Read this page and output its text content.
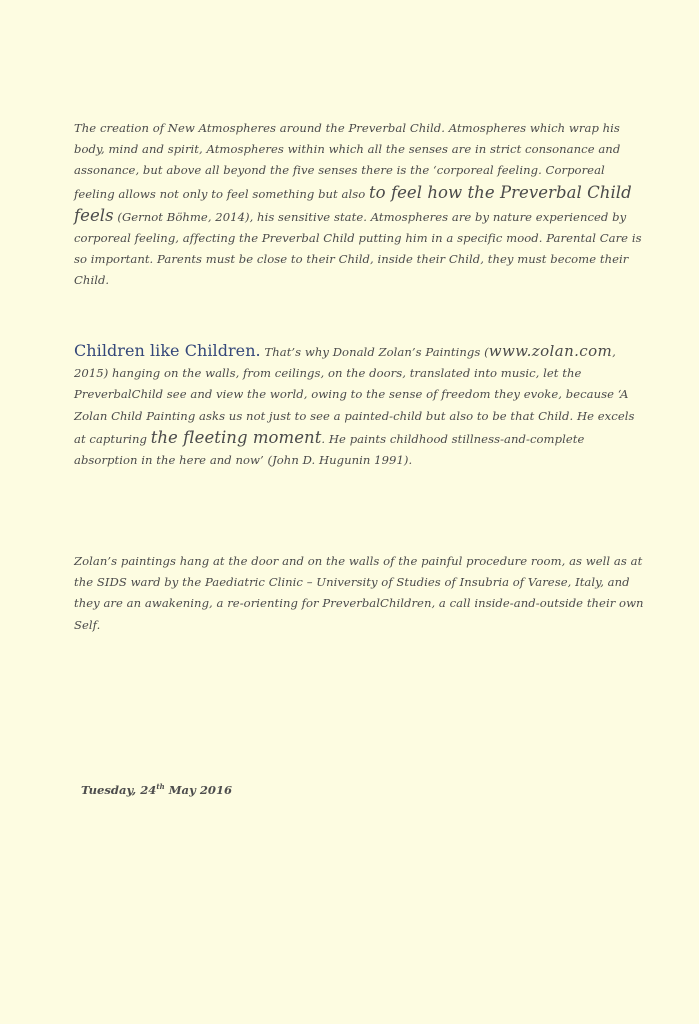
The creation of New Atmospheres around the Preverbal Child. Atmospheres which wrap his body, mind and spirit, Atmospheres within which all the senses are in strict consonance and assonance, but above all beyond the five senses there is the ‘corporeal feeling. Corporeal feeling allows not only to feel something but also to feel how the Preverbal Child feels (Gernot Böhme, 2014), his sensitive state. Atmospheres are by nature experienced by corporeal feeling, affecting the Preverbal Child putting him in a specific mood. Parental Care is so important. Parents must be close to their Child, inside their Child, they must become their Child.

Children like Children. That’s why Donald Zolan’s Paintings (www.zolan.com, 2015) hanging on the walls, from ceilings, on the doors, translated into music, let the PreverbalChild see and view the world, owing to the sense of freedom they evoke, because ‘A Zolan Child Painting asks us not just to see a painted-child but also to be that Child. He excels at capturing the fleeting moment. He paints childhood stillness-and-complete absorption in the here and now’ (John D. Hugunin 1991).

Zolan’s paintings hang at the door and on the walls of the painful procedure room, as well as at the SIDS ward by the Paediatric Clinic – University of Studies of Insubria of Varese, Italy, and they are an awakening, a re-orienting for PreverbalChildren, a call inside-and-outside their own Self.

Tuesday, 24th May 2016
